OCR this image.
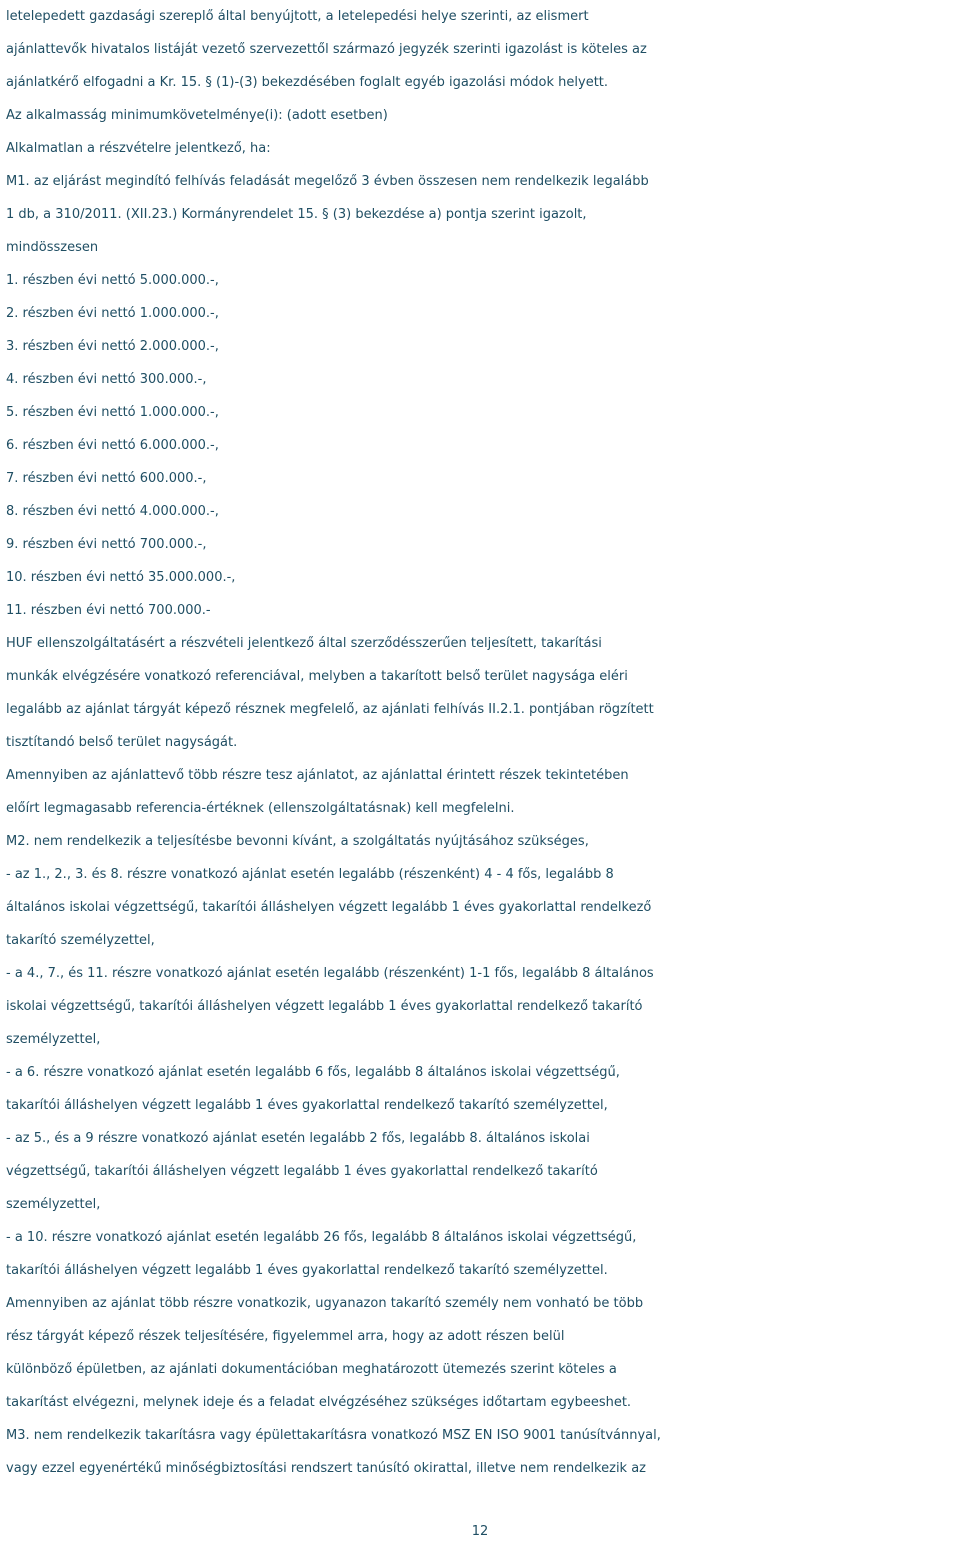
letelepedett gazdasági szereplő által benyújtott, a letelepedési helye szerinti, az elismert
ajánlattevők hivatalos listáját vezető szervezettől származó jegyzék szerinti igazolást is köteles az
ajánlatkérő elfogadni a Kr. 15. § (1)-(3) bekezdésében foglalt egyéb igazolási módok helyett.
Az alkalmasság minimumkövetelménye(i): (adott esetben)
Alkalmatlan a részvételre jelentkező, ha:
M1. az eljárást megindító felhívás feladását megelőző 3 évben összesen nem rendelkezik legalább
1 db, a 310/2011. (XII.23.) Kormányrendelet 15. § (3) bekezdése a) pontja szerint igazolt,
mindösszesen
1. részben évi nettó 5.000.000.-,
2. részben évi nettó 1.000.000.-,
3. részben évi nettó 2.000.000.-,
4. részben évi nettó 300.000.-,
5. részben évi nettó 1.000.000.-,
6. részben évi nettó 6.000.000.-,
7. részben évi nettó 600.000.-,
8. részben évi nettó 4.000.000.-,
9. részben évi nettó 700.000.-,
10. részben évi nettó 35.000.000.-,
11. részben évi nettó 700.000.-
HUF ellenszolgáltatásért a részvételi jelentkező által szerződésszerűen teljesített, takarítási
munkák elvégzésére vonatkozó referenciával, melyben a takarított belső terület nagysága eléri
legalább az ajánlat tárgyát képező résznek megfelelő, az ajánlati felhívás II.2.1. pontjában rögzített
tisztítandó belső terület nagyságát.
Amennyiben az ajánlattevő több részre tesz ajánlatot, az ajánlattal érintett részek tekintetében
előírt legmagasabb referencia-értéknek (ellenszolgáltatásnak) kell megfelelni.
M2. nem rendelkezik a teljesítésbe bevonni kívánt, a szolgáltatás nyújtásához szükséges,
- az 1., 2., 3. és 8. részre vonatkozó ajánlat esetén legalább (részenként) 4 - 4 fős, legalább 8
általános iskolai végzettségű, takarítói álláshelyen végzett legalább 1 éves gyakorlattal rendelkező
takarító személyzettel,
- a 4., 7., és 11. részre vonatkozó ajánlat esetén legalább (részenként) 1-1 fős, legalább 8 általános
iskolai végzettségű, takarítói álláshelyen végzett legalább 1 éves gyakorlattal rendelkező takarító
személyzettel,
- a 6. részre vonatkozó ajánlat esetén legalább 6 fős, legalább 8 általános iskolai végzettségű,
takarítói álláshelyen végzett legalább 1 éves gyakorlattal rendelkező takarító személyzettel,
- az 5., és a 9 részre vonatkozó ajánlat esetén legalább 2 fős, legalább 8. általános iskolai
végzettségű, takarítói álláshelyen végzett legalább 1 éves gyakorlattal rendelkező takarító
személyzettel,
- a 10. részre vonatkozó ajánlat esetén legalább 26 fős, legalább 8 általános iskolai végzettségű,
takarítói álláshelyen végzett legalább 1 éves gyakorlattal rendelkező takarító személyzettel.
Amennyiben az ajánlat több részre vonatkozik, ugyanazon takarító személy nem vonható be több
rész tárgyát képező részek teljesítésére, figyelemmel arra, hogy az adott részen belül
különböző épületben, az ajánlati dokumentációban meghatározott ütemezés szerint köteles a
takarítást elvégezni, melynek ideje és a feladat elvégzéséhez szükséges időtartam egybeeshet.
M3. nem rendelkezik takarításra vagy épülettakarításra vonatkozó MSZ EN ISO 9001 tanúsítvánnyal,
vagy ezzel egyenértékű minőségbiztosítási rendszert tanúsító okirattal, illetve nem rendelkezik az
12
